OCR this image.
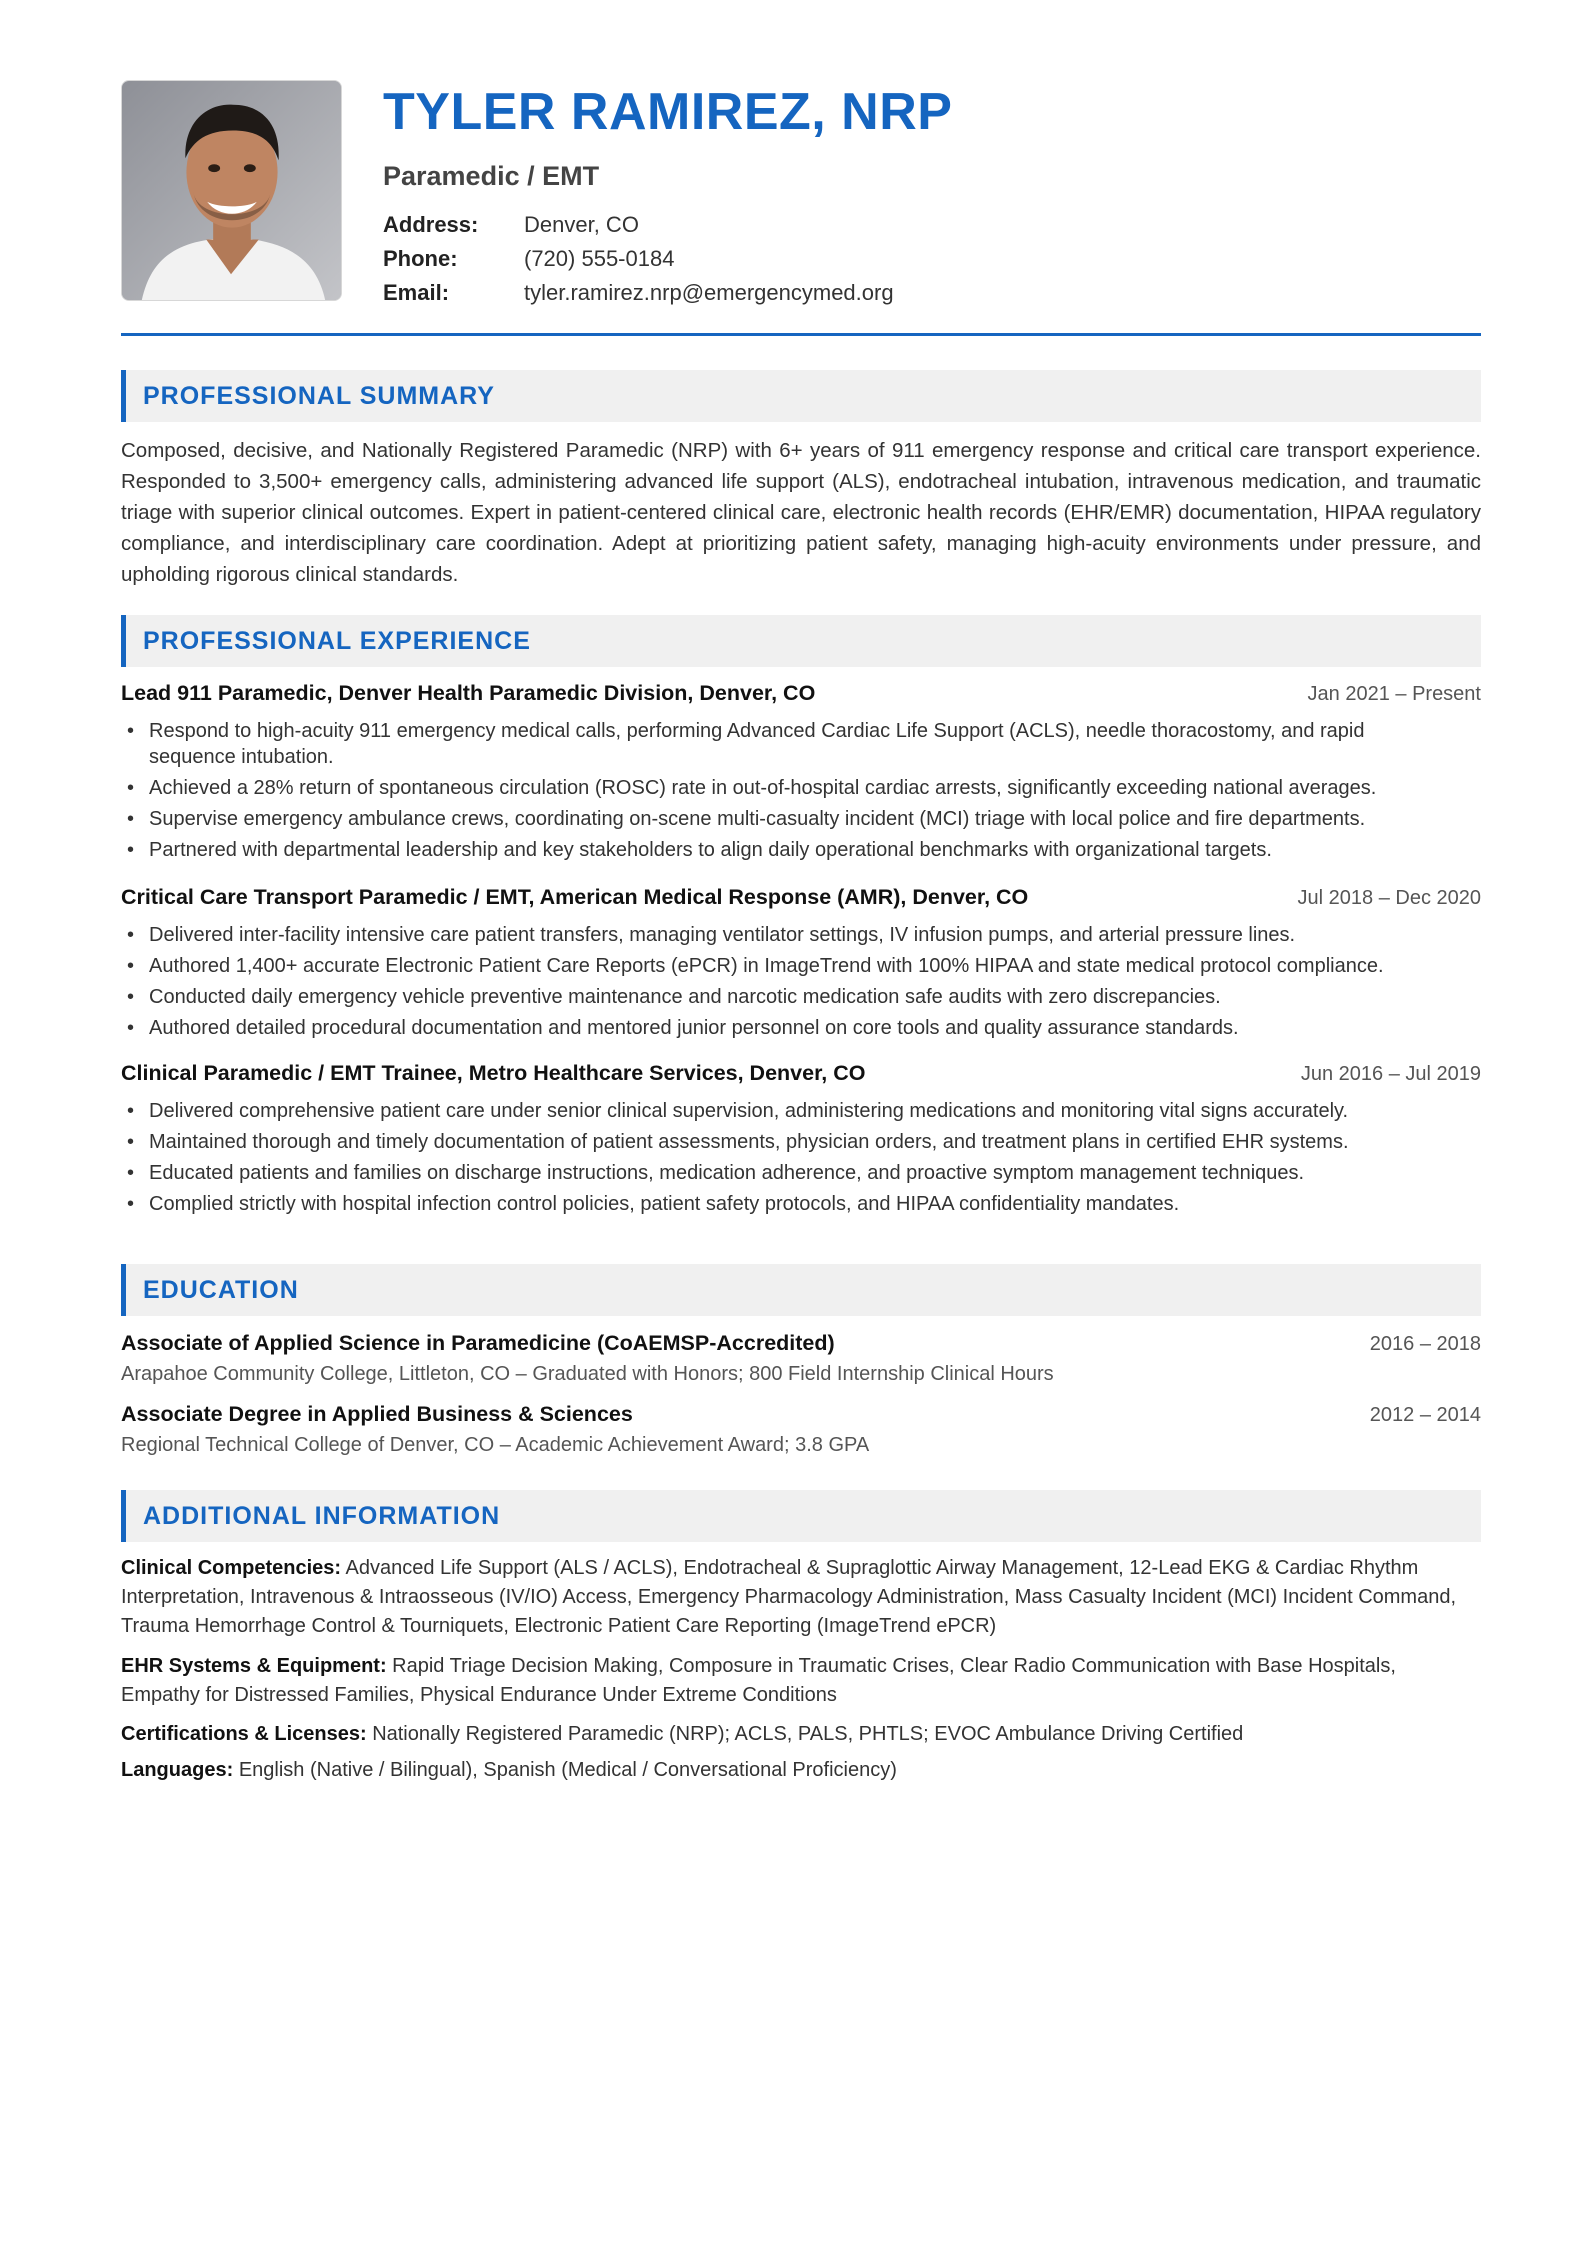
TYLER RAMIREZ, NRP
Paramedic / EMT
Address:	Denver, CO
Phone:	(720) 555-0184
Email:	tyler.ramirez.nrp@emergencymed.org
PROFESSIONAL SUMMARY

Composed, decisive, and Nationally Registered Paramedic (NRP) with 6+ years of 911 emergency response and critical care transport experience. Responded to 3,500+ emergency calls, administering advanced life support (ALS), endotracheal intubation, intravenous medication, and traumatic triage with superior clinical outcomes. Expert in patient-centered clinical care, electronic health records (EHR/EMR) documentation, HIPAA regulatory compliance, and interdisciplinary care coordination. Adept at prioritizing patient safety, managing high-acuity environments under pressure, and upholding rigorous clinical standards.

PROFESSIONAL EXPERIENCE
Lead 911 Paramedic, Denver Health Paramedic Division, Denver, CO	Jan 2021 – Present
• Respond to high-acuity 911 emergency medical calls, performing Advanced Cardiac Life Support (ACLS), needle thoracostomy, and rapid sequence intubation.
• Achieved a 28% return of spontaneous circulation (ROSC) rate in out-of-hospital cardiac arrests, significantly exceeding national averages.
• Supervise emergency ambulance crews, coordinating on-scene multi-casualty incident (MCI) triage with local police and fire departments.
• Partnered with departmental leadership and key stakeholders to align daily operational benchmarks with organizational targets.
Critical Care Transport Paramedic / EMT, American Medical Response (AMR), Denver, CO	Jul 2018 – Dec 2020
• Delivered inter-facility intensive care patient transfers, managing ventilator settings, IV infusion pumps, and arterial pressure lines.
• Authored 1,400+ accurate Electronic Patient Care Reports (ePCR) in ImageTrend with 100% HIPAA and state medical protocol compliance.
• Conducted daily emergency vehicle preventive maintenance and narcotic medication safe audits with zero discrepancies.
• Authored detailed procedural documentation and mentored junior personnel on core tools and quality assurance standards.
Clinical Paramedic / EMT Trainee, Metro Healthcare Services, Denver, CO	Jun 2016 – Jul 2019
• Delivered comprehensive patient care under senior clinical supervision, administering medications and monitoring vital signs accurately.
• Maintained thorough and timely documentation of patient assessments, physician orders, and treatment plans in certified EHR systems.
• Educated patients and families on discharge instructions, medication adherence, and proactive symptom management techniques.
• Complied strictly with hospital infection control policies, patient safety protocols, and HIPAA confidentiality mandates.
EDUCATION
Associate of Applied Science in Paramedicine (CoAEMSP-Accredited)	2016 – 2018
Arapahoe Community College, Littleton, CO – Graduated with Honors; 800 Field Internship Clinical Hours
Associate Degree in Applied Business & Sciences	2012 – 2014
Regional Technical College of Denver, CO – Academic Achievement Award; 3.8 GPA
ADDITIONAL INFORMATION

Clinical Competencies: Advanced Life Support (ALS / ACLS), Endotracheal & Supraglottic Airway Management, 12-Lead EKG & Cardiac Rhythm Interpretation, Intravenous & Intraosseous (IV/IO) Access, Emergency Pharmacology Administration, Mass Casualty Incident (MCI) Incident Command, Trauma Hemorrhage Control & Tourniquets, Electronic Patient Care Reporting (ImageTrend ePCR)

EHR Systems & Equipment: Rapid Triage Decision Making, Composure in Traumatic Crises, Clear Radio Communication with Base Hospitals, Empathy for Distressed Families, Physical Endurance Under Extreme Conditions

Certifications & Licenses: Nationally Registered Paramedic (NRP); ACLS, PALS, PHTLS; EVOC Ambulance Driving Certified

Languages: English (Native / Bilingual), Spanish (Medical / Conversational Proficiency)
